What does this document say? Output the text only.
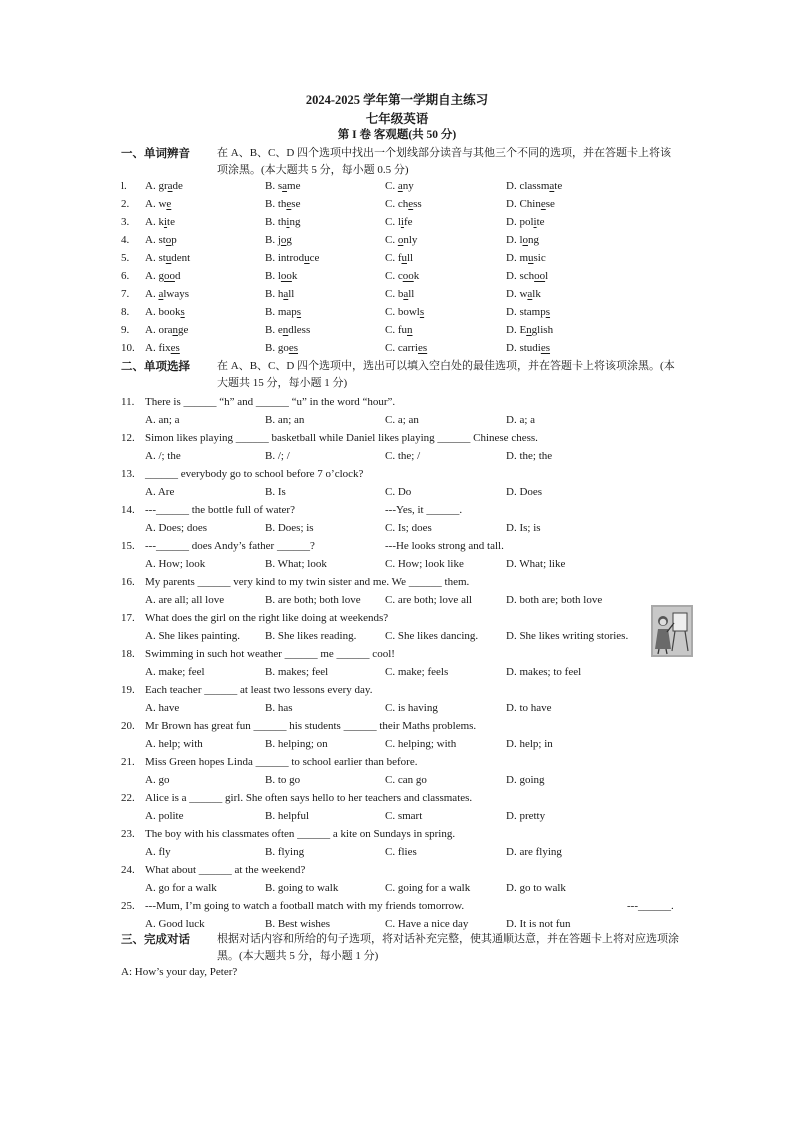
2024-2025 学年第一学期自主练习
七年级英语
第 I 卷 客观题(共 50 分)
一、单词辨音 在 A、B、C、D 四个选项中找出一个划线部分读音与其他三个不同的选项，并在答题卡上将该项涂黑。(本大题共 5 分，每小题 0.5 分)
l. A. grade	B. same	C. any	D. classmate
2. A. we	B. these	C. chess	D. Chinese
3. A. kite	B. thing	C. life	D. polite
4. A. stop	B. jog	C. only	D. long
5. A. student	B. introduce	C. full	D. music
6. A. good	B. look	C. cook	D. school
7. A. always	B. hall	C. ball	D. walk
8. A. books	B. maps	C. bowls	D. stamps
9. A. orange	B. endless	C. fun	D. English
10. A. fixes	B. goes	C. carries	D. studies
二、单项选择 在 A、B、C、D 四个选项中，选出可以填入空白处的最佳选项，并在答题卡上将该项涂黑。(本大题共 15 分，每小题 1 分)
11. There is ______ “h” and ______ “u” in the word “hour”.
A. an; a	B. an; an	C. a; an	D. a; a
12. Simon likes playing ______ basketball while Daniel likes playing ______ Chinese chess.
A. /; the	B. /; /	C. the; /	D. the; the
13. ______ everybody go to school before 7 o’clock?
A. Are	B. Is	C. Do	D. Does
14. ---______ the bottle full of water?	---Yes, it ______.
A. Does; does	B. Does; is	C. Is; does	D. Is; is
15. ---______ does Andy’s father ______?	---He looks strong and tall.
A. How; look	B. What; look	C. How; look like	D. What; like
16. My parents ______ very kind to my twin sister and me. We ______ them.
A. are all; all love	B. are both; both love C. are both; love all	D. both are; both love
17. What does the girl on the right like doing at weekends?
A. She likes painting. B. She likes reading.	C. She likes dancing.	D. She likes writing stories.
18. Swimming in such hot weather ______ me ______ cool!
A. make; feel	B. makes; feel	C. make; feels	D. makes; to feel
19. Each teacher ______ at least two lessons every day.
A. have	B. has	C. is having	D. to have
20. Mr Brown has great fun ______ his students ______ their Maths problems.
A. help; with	B. helping; on	C. helping; with	D. help; in
21. Miss Green hopes Linda ______ to school earlier than before.
A. go	B. to go	C. can go	D. going
22. Alice is a ______ girl. She often says hello to her teachers and classmates.
A. polite	B. helpful	C. smart	D. pretty
23. The boy with his classmates often ______ a kite on Sundays in spring.
A. fly	B. flying	C. flies	D. are flying
24. What about ______ at the weekend?
A. go for a walk	B. going to walk	C. going for a walk	D. go to walk
25. ---Mum, I’m going to watch a football match with my friends tomorrow.	---______.
A. Good luck	B. Best wishes	C. Have a nice day	D. It is not fun
三、完成对话 根据对话内容和所给的句子选项，将对话补充完整，使其通顺达意，并在答题卡上将对应选项涂黑。(本大题共 5 分，每小题 1 分)
A: How’s your day, Peter?
